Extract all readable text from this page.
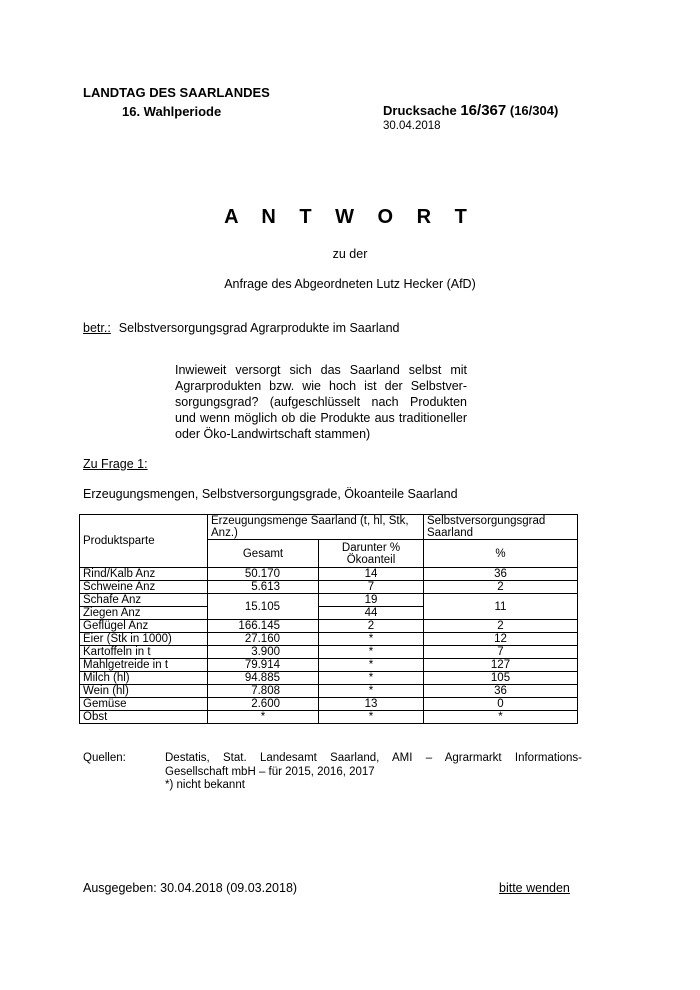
LANDTAG DES SAARLANDES
16. Wahlperiode	Drucksache 16/367 (16/304)
30.04.2018
A N T W O R T
zu der
Anfrage des Abgeordneten Lutz Hecker (AfD)
betr.: Selbstversorgungsgrad Agrarprodukte im Saarland
Inwieweit versorgt sich das Saarland selbst mit Agrarprodukten bzw. wie hoch ist der Selbstversorgungsgrad? (aufgeschlüsselt nach Produkten und wenn möglich ob die Produkte aus traditioneller oder Öko-Landwirtschaft stammen)
Zu Frage 1:
Erzeugungsmengen, Selbstversorgungsgrade, Ökoanteile Saarland
Produktsparte	Erzeugungsmenge Saarland (t, hl, Stk, Anz.)		Selbstversorgungsgrad Saarland
	Gesamt	Darunter % Ökoanteil	%
Rind/Kalb Anz	50.170	14	36
Schweine Anz	5.613	7	2
Schafe Anz	15.105	19	11
Ziegen Anz		44	
Geflügel Anz	166.145	2	2
Eier (Stk in 1000)	27.160	*	12
Kartoffeln in t	3.900	*	7
Mahlgetreide in t	79.914	*	127
Milch (hl)	94.885	*	105
Wein (hl)	7.808	*	36
Gemüse	2.600	13	0
Obst	*	*	*
Quellen:	Destatis, Stat. Landesamt Saarland, AMI – Agrarmarkt Informations-
Gesellschaft mbH – für 2015, 2016, 2017
*) nicht bekannt
Ausgegeben: 30.04.2018 (09.03.2018)	bitte wenden
